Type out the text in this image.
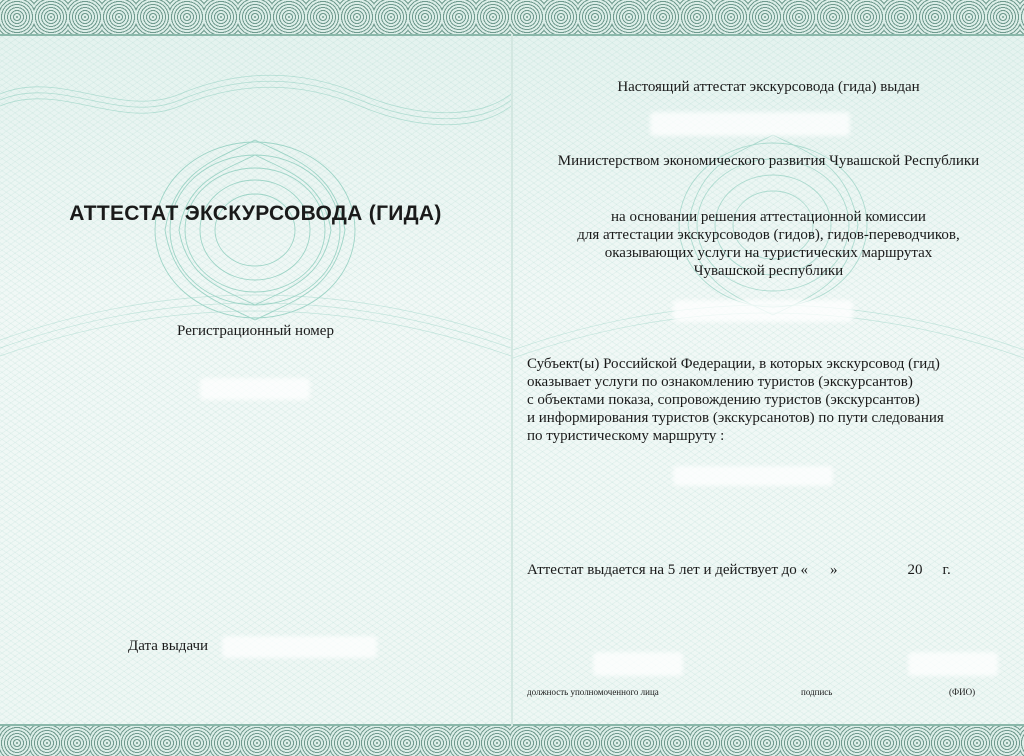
АТТЕСТАТ ЭКСКУРСОВОДА (ГИДА)
Регистрационный номер
Дата выдачи
Настоящий аттестат экскурсовода (гида) выдан
Министерством экономического развития Чувашской Республики
на основании решения аттестационной комиссии
для аттестации экскурсоводов (гидов), гидов-переводчиков,
оказывающих услуги на туристических маршрутах
Чувашской республики
Субъект(ы) Российской Федерации, в которых экскурсовод (гид)
оказывает услуги по ознакомлению туристов (экскурсантов)
с объектами показа, сопровождению туристов (экскурсантов)
и информирования туристов (экскурсанотов) по пути следования
по туристическому маршруту :
Аттестат выдается на 5 лет и действует до « »	20 г.
должность уполномоченного лица	подпись	(ФИО)
